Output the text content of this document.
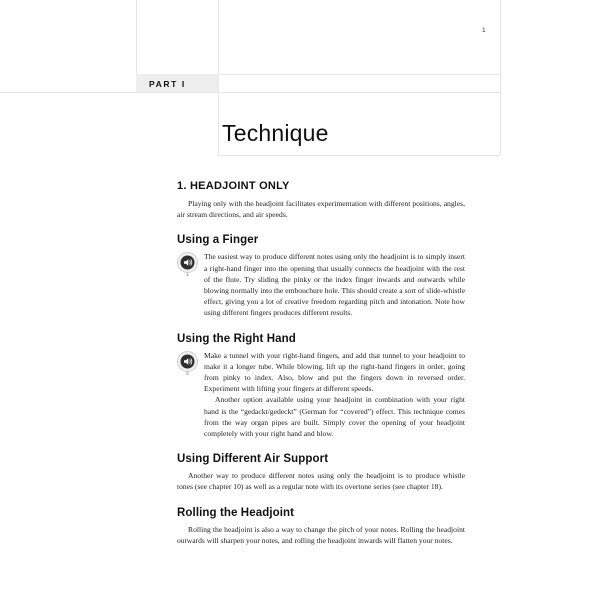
1
PART I
Technique
1. HEADJOINT ONLY

Playing only with the headjoint facilitates experimentation with different positions, angles, air stream directions, and air speeds.

Using a Finger
1

The easiest way to produce different notes using only the headjoint is to simply insert a right-hand finger into the opening that usually connects the headjoint with the rest of the flute. Try sliding the pinky or the index finger inwards and outwards while blowing normally into the embouchure hole. This should create a sort of slide-whistle effect, giving you a lot of creative freedom regarding pitch and intonation. Note how using different fingers produces different results.

Using the Right Hand
2

Make a tunnel with your right-hand fingers, and add that tunnel to your headjoint to make it a longer tube. While blowing, lift up the right-hand fingers in order, going from pinky to index. Also, blow and put the fingers down in reversed order. Experiment with lifting your fingers at different speeds.

Another option available using your headjoint in combination with your right hand is the “gedackt/gedeckt” (German for “covered”) effect. This technique comes from the way organ pipes are built. Simply cover the opening of your headjoint completely with your right hand and blow.

Using Different Air Support

Another way to produce different notes using only the headjoint is to produce whistle tones (see chapter 10) as well as a regular note with its overtone series (see chapter 18).

Rolling the Headjoint

Rolling the headjoint is also a way to change the pitch of your notes. Rolling the headjoint outwards will sharpen your notes, and rolling the headjoint inwards will flatten your notes.
